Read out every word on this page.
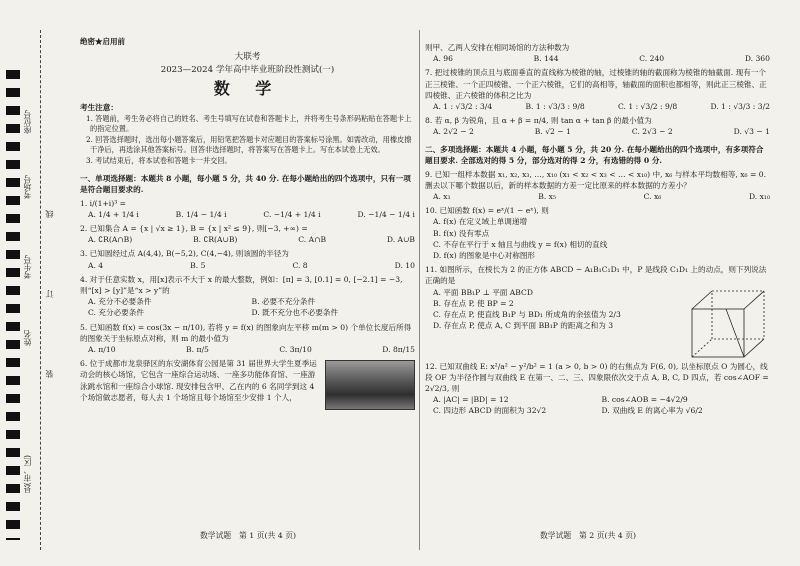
座位号
考场号
考生号
姓名
县(市、区)
线
订
装
绝密★启用前
大联考
2023—2024 学年高中毕业班阶段性测试(一)
数 学
考生注意：
1. 答题前，考生务必将自己的姓名、考生号填写在试卷和答题卡上，并将考生号条形码粘贴在答题卡上的指定位置。
2. 回答选择题时，选出每小题答案后，用铅笔把答题卡对应题目的答案标号涂黑。如需改动，用橡皮擦干净后，再选涂其他答案标号。回答非选择题时，将答案写在答题卡上。写在本试卷上无效。
3. 考试结束后，将本试卷和答题卡一并交回。
一、单项选择题：本题共 8 小题，每小题 5 分，共 40 分. 在每小题给出的四个选项中，只有一项是符合题目要求的.
1. i/(1+i)³ =
A. 1/4 + 1/4 i	B. 1/4 − 1/4 i	C. −1/4 + 1/4 i	D. −1/4 − 1/4 i
2. 已知集合 A = {x | √x ≥ 1}, B = {x | x² ≤ 9}, 则[−3, +∞) =
A. ∁R(A∩B)	B. ∁R(A∪B)	C. A∩B	D. A∪B
3. 已知圆经过点 A(4,4), B(−5,2), C(4,−4), 则该圆的半径为
A. 4	B. 5	C. 8	D. 10
4. 对于任意实数 x，用[x]表示不大于 x 的最大整数，例如：[π] = 3, [0.1] = 0, [−2.1] = −3, 则“[x] > [y]”是“x > y”的
A. 充分不必要条件	B. 必要不充分条件
C. 充分必要条件	D. 既不充分也不必要条件
5. 已知函数 f(x) = cos(3x − π/10), 若将 y = f(x) 的图象向左平移 m(m > 0) 个单位长度后所得的图象关于坐标原点对称，则 m 的最小值为
A. π/10	B. π/5	C. 3π/10	D. 8π/15
6. 位于成都市龙泉驿区的东安湖体育公园是第 31 届世界大学生夏季运动会的核心场馆，它包含一座综合运动场、一座多功能体育馆、一座游泳跳水馆和一座综合小球馆. 现安排包含甲、乙在内的 6 名同学到这 4 个场馆做志愿者，每人去 1 个场馆且每个场馆至少安排 1 个人，
数学试题　第 1 页(共 4 页)
则甲、乙两人安排在相同场馆的方法种数为
A. 96	B. 144	C. 240	D. 360
7. 把过棱锥的顶点且与底面垂直的直线称为棱锥的轴，过棱锥的轴的截面称为棱锥的轴截面. 现有一个正三棱锥、一个正四棱锥、一个正六棱锥，它们的高相等，轴截面的面积也都相等，则此正三棱锥、正四棱锥、正六棱锥的体积之比为
A. 1 : √3/2 : 3/4	B. 1 : √3/3 : 9/8	C. 1 : √3/2 : 9/8	D. 1 : √3/3 : 3/2
8. 若 α, β 为锐角，且 α + β = π/4, 则 tan α + tan β 的最小值为
A. 2√2 − 2	B. √2 − 1	C. 2√3 − 2	D. √3 − 1
二、多项选择题：本题共 4 小题，每小题 5 分，共 20 分. 在每小题给出的四个选项中，有多项符合题目要求. 全部选对的得 5 分，部分选对的得 2 分，有选错的得 0 分.
9. 已知一组样本数据 x₁, x₂, x₃, …, x₁₀ (x₁ < x₂ < x₃ < … < x₁₀) 中, x₆ 与样本平均数相等, x₆ = 0. 删去以下哪个数据以后，新的样本数据的方差一定比原来的样本数据的方差小？
A. x₁	B. x₅	C. x₆	D. x₁₀
10. 已知函数 f(x) = eˣ/(1 − eˣ), 则
A. f(x) 在定义域上单调递增
B. f(x) 没有零点
C. 不存在平行于 x 轴且与曲线 y = f(x) 相切的直线
D. f(x) 的图象是中心对称图形
11. 如图所示，在棱长为 2 的正方体 ABCD − A₁B₁C₁D₁ 中，P 是线段 C₁D₁ 上的动点，则下列说法正确的是
A. 平面 BB₁P ⊥ 平面 ABCD
B. 存在点 P, 使 BP = 2
C. 存在点 P, 使直线 B₁P 与 BD₁ 所成角的余弦值为 2/3
D. 存在点 P, 使点 A, C 到平面 BB₁P 的距离之和为 3
12. 已知双曲线 E: x²/a² − y²/b² = 1 (a > 0, b > 0) 的右焦点为 F(6, 0), 以坐标原点 O 为圆心，线段 OF 为半径作圆与双曲线 E 在第一、二、三、四象限依次交于点 A, B, C, D 四点，若 cos∠AOF = 2√2/3, 则
A. |AC| = |BD| = 12	B. cos∠AOB = −4√2/9
C. 四边形 ABCD 的面积为 32√2	D. 双曲线 E 的离心率为 √6/2
数学试题　第 2 页(共 4 页)
